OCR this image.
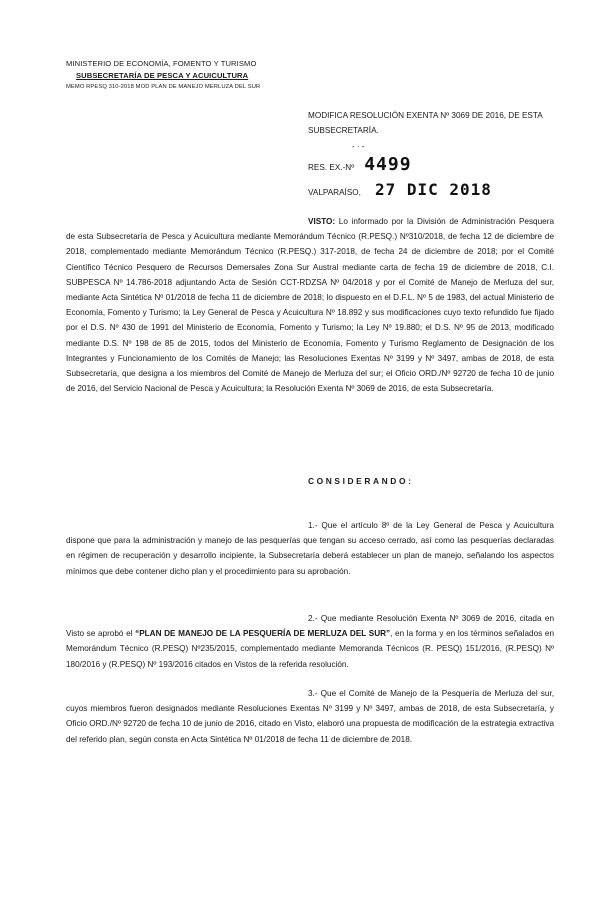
MINISTERIO DE ECONOMÍA, FOMENTO Y TURISMO
SUBSECRETARÍA DE PESCA Y ACUICULTURA
MEMO RPESQ 310-2018 MOD PLAN DE MANEJO MERLUZA DEL SUR
MODIFICA RESOLUCIÓN EXENTA Nº 3069 DE 2016, DE ESTA SUBSECRETARÍA.
- · -
RES. EX.-Nº 4499
VALPARAÍSO, 27 DIC 2018
VISTO: Lo informado por la División de Administración Pesquera de esta Subsecretaría de Pesca y Acuicultura mediante Memorándum Técnico (R.PESQ.) Nº310/2018, de fecha 12 de diciembre de 2018, complementado mediante Memorándum Técnico (R.PESQ.) 317-2018, de fecha 24 de diciembre de 2018; por el Comité Científico Técnico Pesquero de Recursos Demersales Zona Sur Austral mediante carta de fecha 19 de diciembre de 2018, C.I. SUBPESCA Nº 14.786-2018 adjuntando Acta de Sesión CCT-RDZSA Nº 04/2018 y por el Comité de Manejo de Merluza del sur, mediante Acta Sintética Nº 01/2018 de fecha 11 de diciembre de 2018; lo dispuesto en el D.F.L. Nº 5 de 1983, del actual Ministerio de Economía, Fomento y Turismo; la Ley General de Pesca y Acuicultura Nº 18.892 y sus modificaciones cuyo texto refundido fue fijado por el D.S. Nº 430 de 1991 del Ministerio de Economía, Fomento y Turismo; la Ley Nº 19.880; el D.S. Nº 95 de 2013, modificado mediante D.S. Nº 198 de 85 de 2015, todos del Ministerio de Economía, Fomento y Turismo Reglamento de Designación de los Integrantes y Funcionamiento de los Comités de Manejo; las Resoluciones Exentas Nº 3199 y Nº 3497, ambas de 2018, de esta Subsecretaría, que designa a los miembros del Comité de Manejo de Merluza del sur; el Oficio ORD./Nº 92720 de fecha 10 de junio de 2016, del Servicio Nacional de Pesca y Acuicultura; la Resolución Exenta Nº 3069 de 2016, de esta Subsecretaría.
CONSIDERANDO:
1.- Que el artículo 8º de la Ley General de Pesca y Acuicultura dispone que para la administración y manejo de las pesquerías que tengan su acceso cerrado, así como las pesquerías declaradas en régimen de recuperación y desarrollo incipiente, la Subsecretaría deberá establecer un plan de manejo, señalando los aspectos mínimos que debe contener dicho plan y el procedimiento para su aprobación.
2.- Que mediante Resolución Exenta Nº 3069 de 2016, citada en Visto se aprobó el “PLAN DE MANEJO DE LA PESQUERÍA DE MERLUZA DEL SUR”, en la forma y en los términos señalados en Memorándum Técnico (R.PESQ) Nº235/2015, complementado mediante Memoranda Técnicos (R. PESQ) 151/2016, (R.PESQ) Nº 180/2016 y (R.PESQ) Nº 193/2016 citados en Vistos de la referida resolución.
3.- Que el Comité de Manejo de la Pesquería de Merluza del sur, cuyos miembros fueron designados mediante Resoluciones Exentas Nº 3199 y Nº 3497, ambas de 2018, de esta Subsecretaría, y Oficio ORD./Nº 92720 de fecha 10 de junio de 2016, citado en Visto, elaboró una propuesta de modificación de la estrategia extractiva del referido plan, según consta en Acta Sintética Nº 01/2018 de fecha 11 de diciembre de 2018.
